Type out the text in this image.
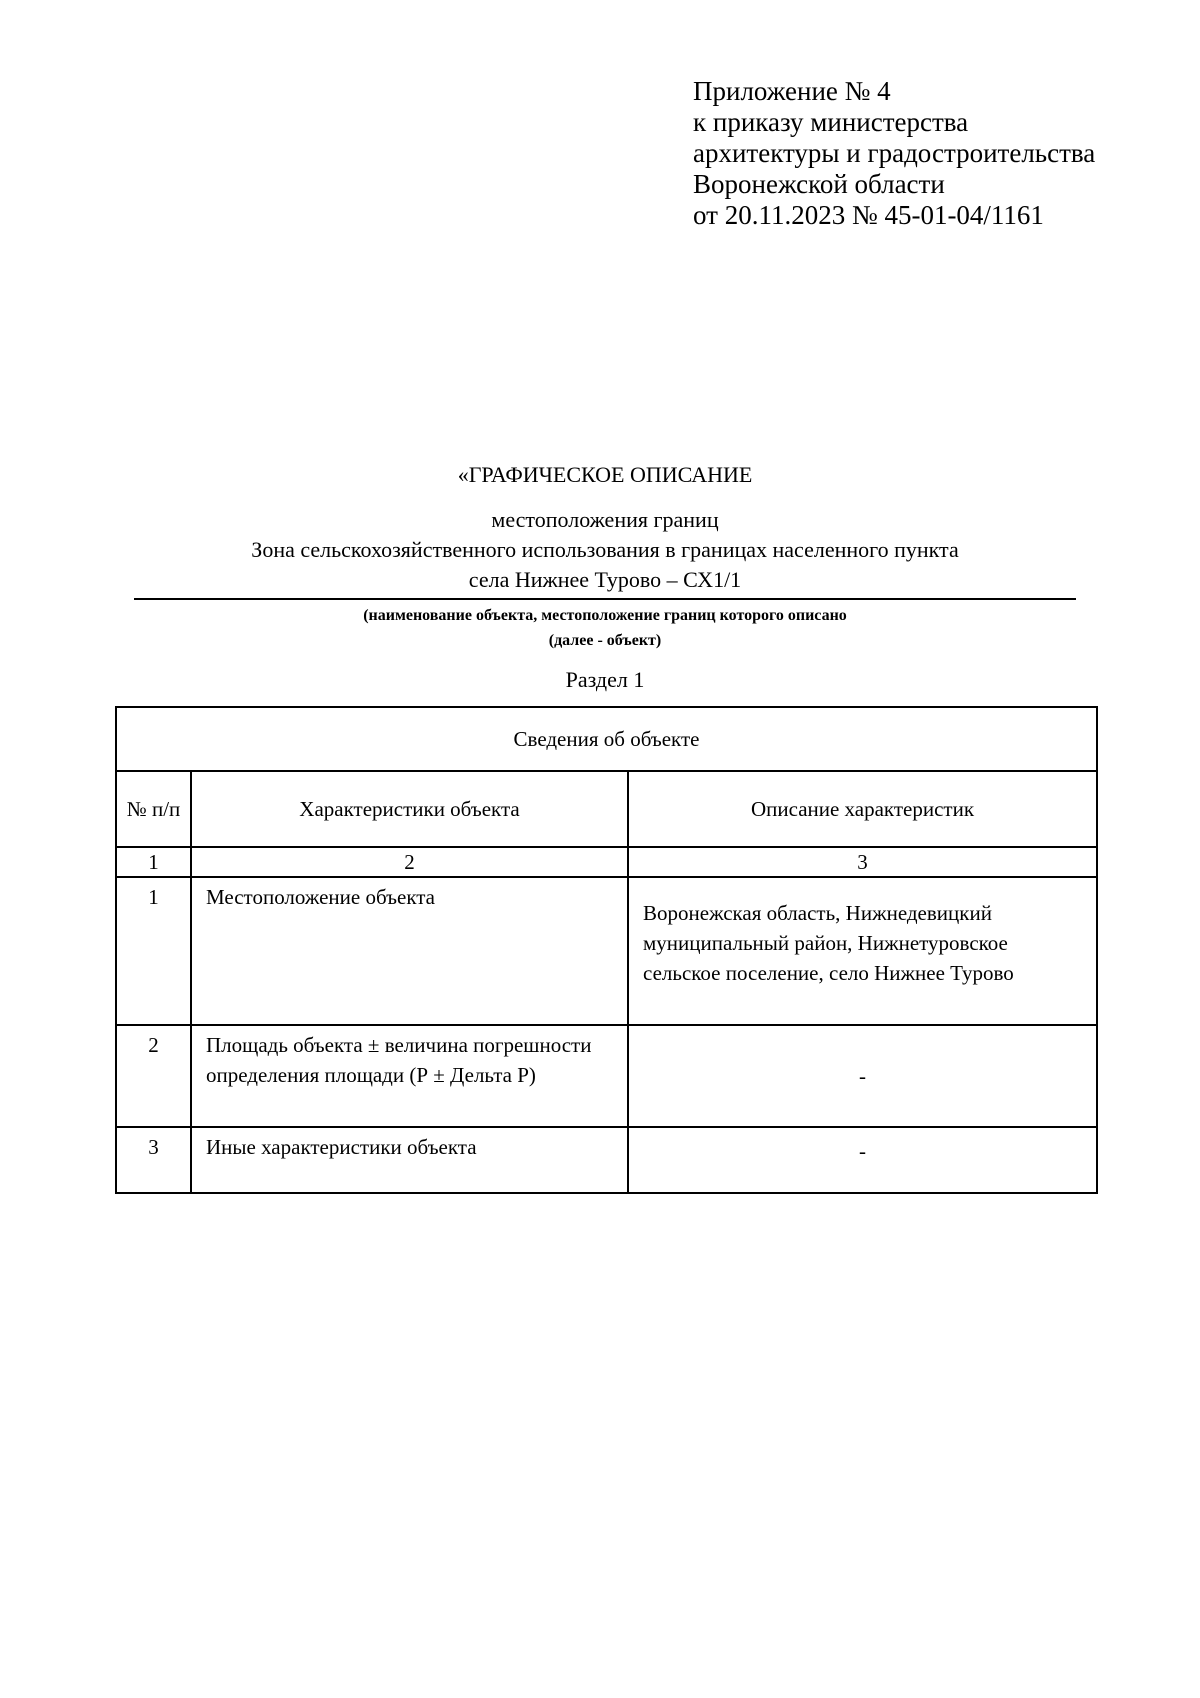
Приложение № 4
к приказу министерства
архитектуры и градостроительства
Воронежской области
от 20.11.2023 № 45-01-04/1161
«ГРАФИЧЕСКОЕ ОПИСАНИЕ
местоположения границ
Зона сельскохозяйственного использования в границах населенного пункта
села Нижнее Турово – СХ1/1
(наименование объекта, местоположение границ которого описано
(далее - объект)
Раздел 1
Сведения об объекте		
№ п/п	Характеристики объекта	Описание характеристик
1	2	3
1	Местоположение объекта	Воронежская область, Нижнедевицкий муниципальный район, Нижнетуровское сельское поселение, село Нижнее Турово
2	Площадь объекта ± величина погрешности определения площади (Р ± Дельта Р)	-
3	Иные характеристики объекта	-
